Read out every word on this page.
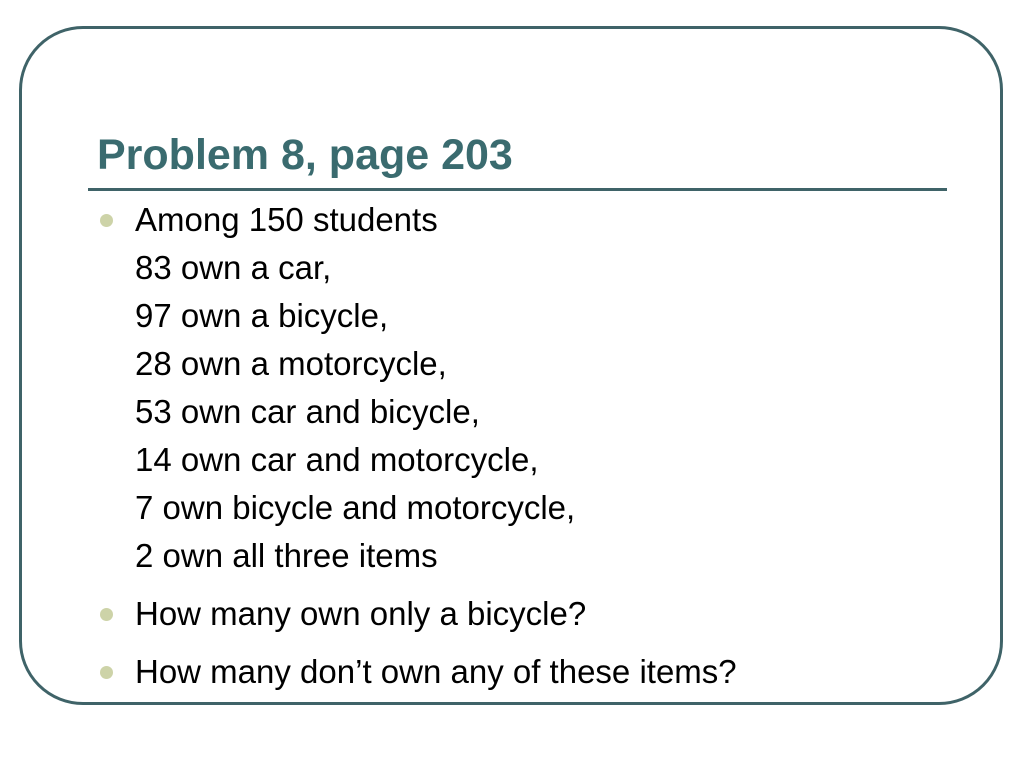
Problem 8, page 203
Among 150 students
83 own a car,
97 own a bicycle,
28 own a motorcycle,
53 own car and bicycle,
14 own car and motorcycle,
7 own bicycle and motorcycle,
2 own all three items
How many own only a bicycle?
How many don’t own any of these items?
